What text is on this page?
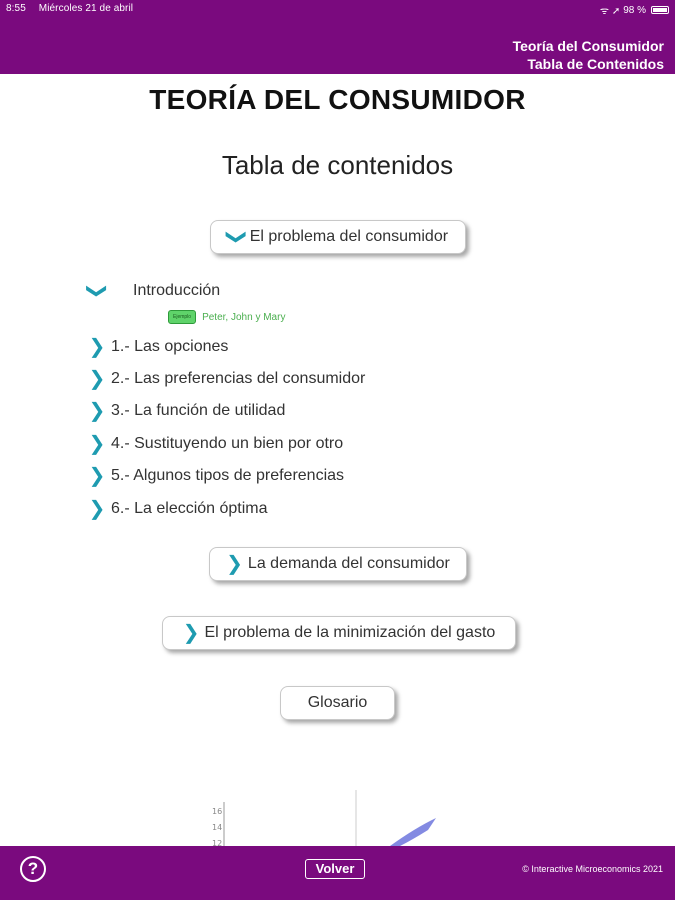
8:55 Miércoles 21 de abril	ᯤ ➚ 98 %
Teoría del Consumidor
Tabla de Contenidos
TEORÍA DEL CONSUMIDOR
Tabla de contenidos
❯ El problema del consumidor
❯ Introducción
❯ 1.- Las opciones
❯ 2.- Las preferencias del consumidor
❯ 3.- La función de utilidad
❯ 4.- Sustituyendo un bien por otro
❯ 5.- Algunos tipos de preferencias
❯ 6.- La elección óptima
Ejemplo	Peter, John y Mary
❯ La demanda del consumidor
❯ El problema de la minimización del gasto
Glosario
16
14
12
?	Volver	© Interactive Microeconomics 2021
